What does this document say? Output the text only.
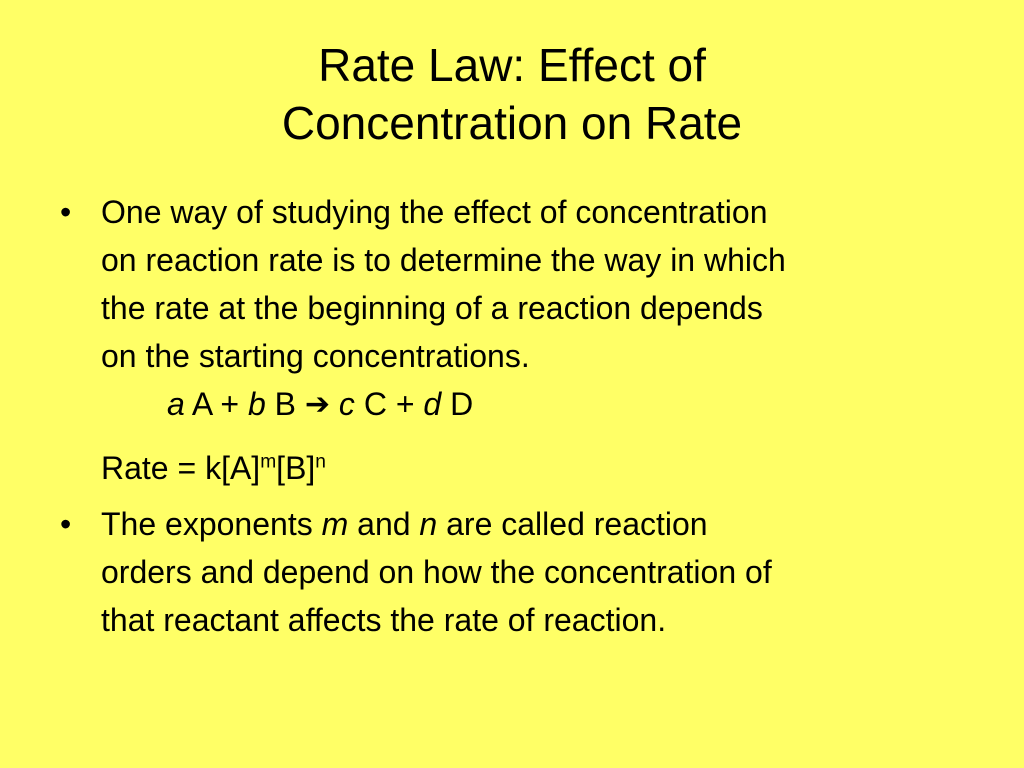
Rate Law: Effect of
Concentration on Rate
• One way of studying the effect of concentration
on reaction rate is to determine the way in which
the rate at the beginning of a reaction depends
on the starting concentrations.
a A + b B ➔ c C + d D
Rate = $k[A]^m[B]^n$
• The exponents m and n are called reaction
orders and depend on how the concentration of
that reactant affects the rate of reaction.
